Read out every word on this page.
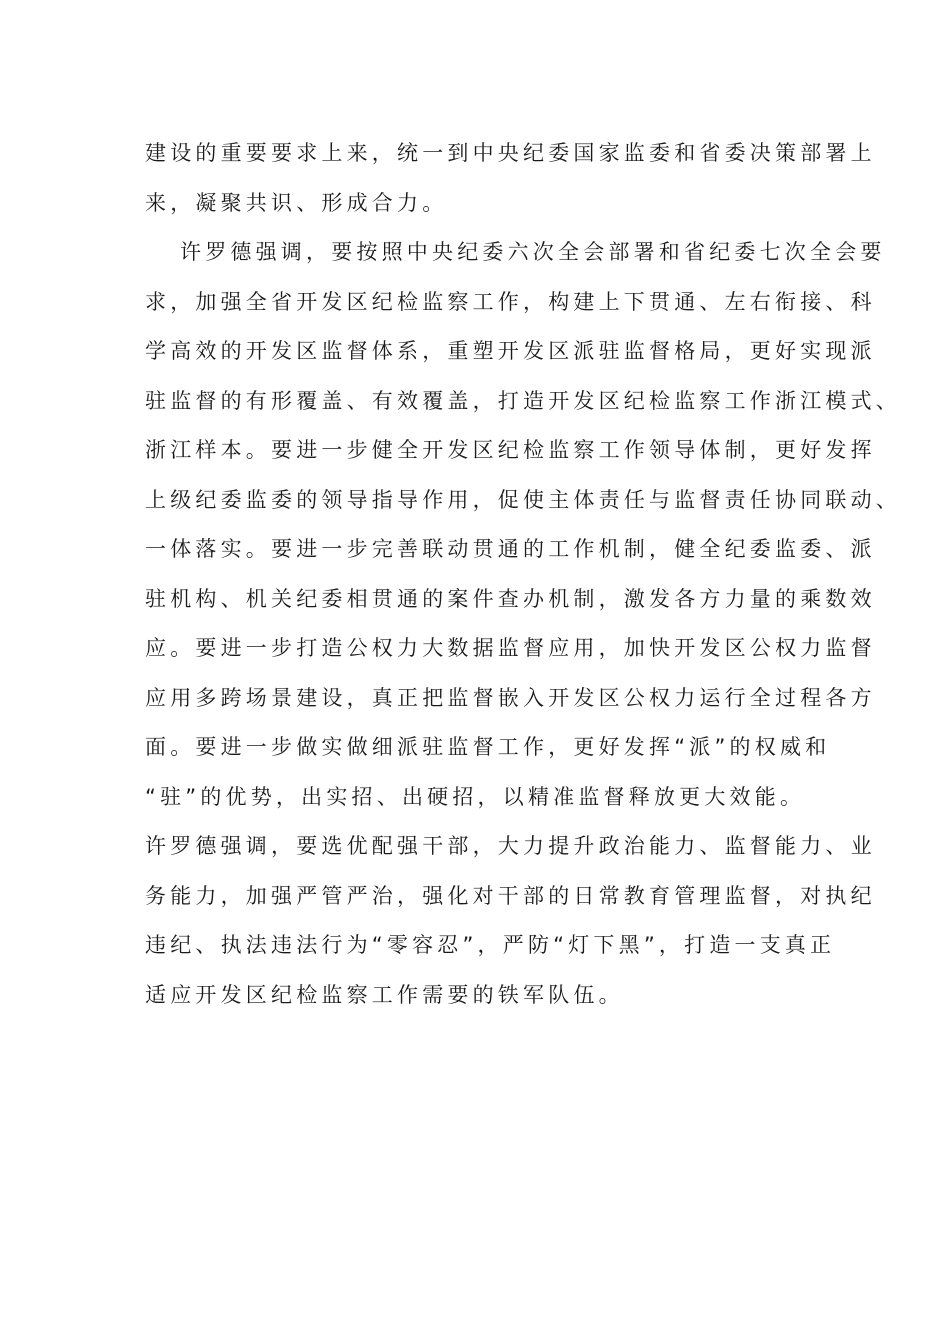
建设的重要要求上来，统一到中央纪委国家监委和省委决策部署上
来，凝聚共识、形成合力。
许罗德强调，要按照中央纪委六次全会部署和省纪委七次全会要
求，加强全省开发区纪检监察工作，构建上下贯通、左右衔接、科
学高效的开发区监督体系，重塑开发区派驻监督格局，更好实现派
驻监督的有形覆盖、有效覆盖，打造开发区纪检监察工作浙江模式、
浙江样本。要进一步健全开发区纪检监察工作领导体制，更好发挥
上级纪委监委的领导指导作用，促使主体责任与监督责任协同联动、
一体落实。要进一步完善联动贯通的工作机制，健全纪委监委、派
驻机构、机关纪委相贯通的案件查办机制，激发各方力量的乘数效
应。要进一步打造公权力大数据监督应用，加快开发区公权力监督
应用多跨场景建设，真正把监督嵌入开发区公权力运行全过程各方
面。要进一步做实做细派驻监督工作，更好发挥“派”的权威和
“驻”的优势，出实招、出硬招，以精准监督释放更大效能。
许罗德强调，要选优配强干部，大力提升政治能力、监督能力、业
务能力，加强严管严治，强化对干部的日常教育管理监督，对执纪
违纪、执法违法行为“零容忍”，严防“灯下黑”，打造一支真正
适应开发区纪检监察工作需要的铁军队伍。
